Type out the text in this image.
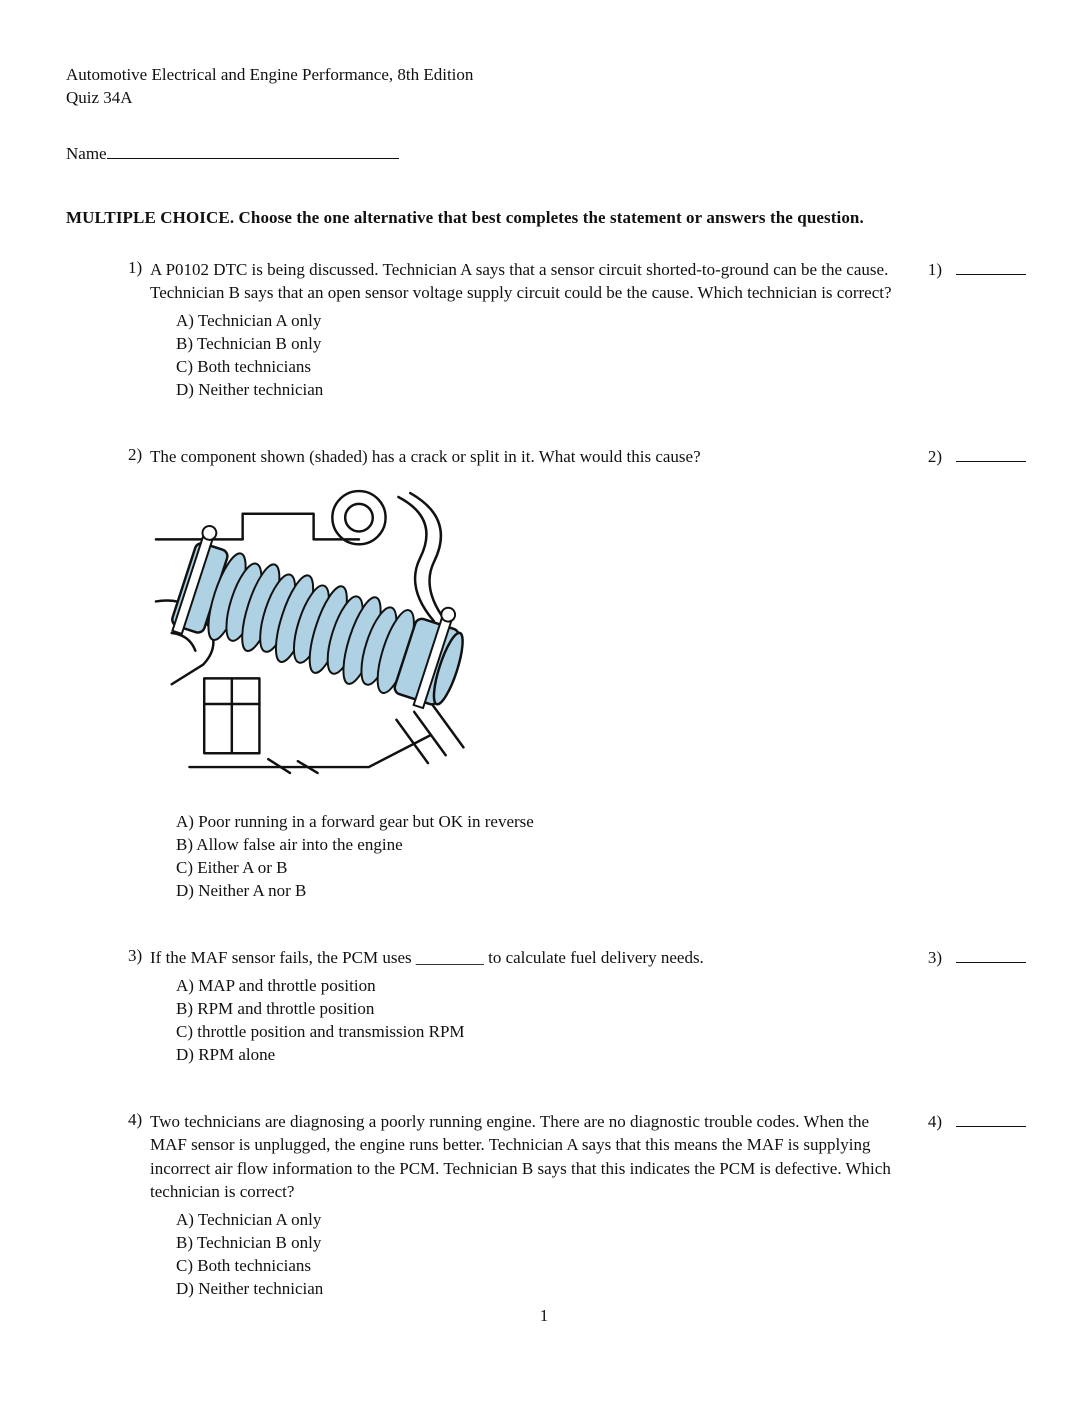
Automotive Electrical and Engine Performance, 8th Edition
Quiz 34A
Name
MULTIPLE CHOICE. Choose the one alternative that best completes the statement or answers the question.
1) A P0102 DTC is being discussed. Technician A says that a sensor circuit shorted-to-ground can be the cause. Technician B says that an open sensor voltage supply circuit could be the cause. Which technician is correct?
A) Technician A only
B) Technician B only
C) Both technicians
D) Neither technician
1)
2) The component shown (shaded) has a crack or split in it. What would this cause?
A) Poor running in a forward gear but OK in reverse
B) Allow false air into the engine
C) Either A or B
D) Neither A nor B
2)
3) If the MAF sensor fails, the PCM uses ________ to calculate fuel delivery needs.
A) MAP and throttle position
B) RPM and throttle position
C) throttle position and transmission RPM
D) RPM alone
3)
4) Two technicians are diagnosing a poorly running engine. There are no diagnostic trouble codes. When the MAF sensor is unplugged, the engine runs better. Technician A says that this means the MAF is supplying incorrect air flow information to the PCM. Technician B says that this indicates the PCM is defective. Which technician is correct?
A) Technician A only
B) Technician B only
C) Both technicians
D) Neither technician
4)
1
